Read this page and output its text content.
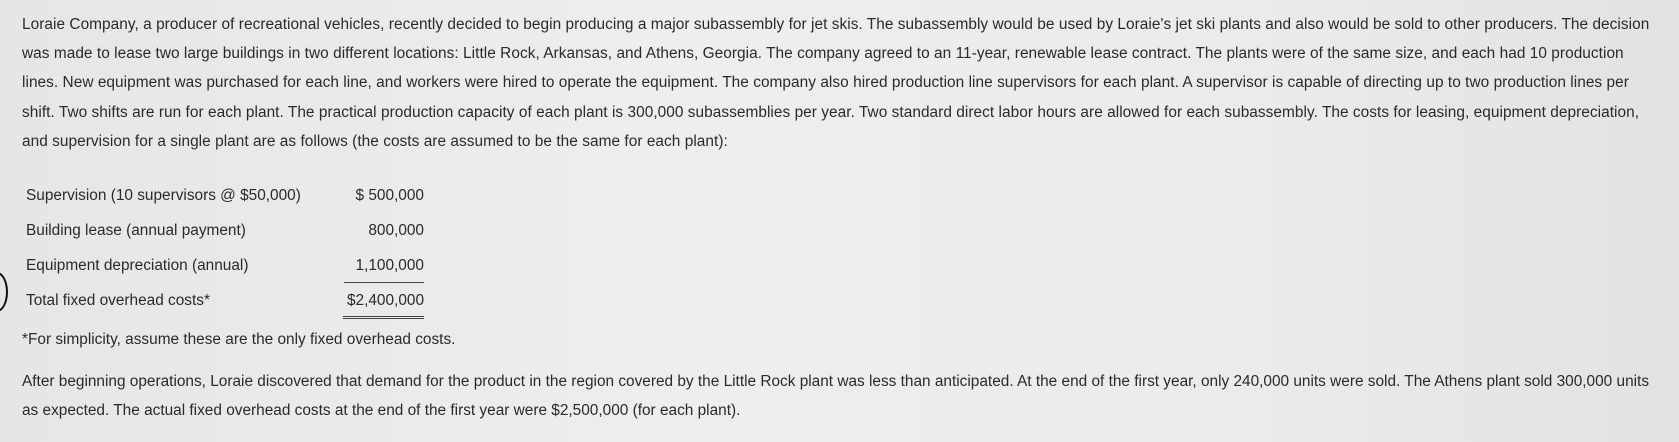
Loraie Company, a producer of recreational vehicles, recently decided to begin producing a major subassembly for jet skis. The subassembly would be used by Loraie's jet ski plants and also would be sold to other producers. The decision was made to lease two large buildings in two different locations: Little Rock, Arkansas, and Athens, Georgia. The company agreed to an 11-year, renewable lease contract. The plants were of the same size, and each had 10 production lines. New equipment was purchased for each line, and workers were hired to operate the equipment. The company also hired production line supervisors for each plant. A supervisor is capable of directing up to two production lines per shift. Two shifts are run for each plant. The practical production capacity of each plant is 300,000 subassemblies per year. Two standard direct labor hours are allowed for each subassembly. The costs for leasing, equipment depreciation, and supervision for a single plant are as follows (the costs are assumed to be the same for each plant):

Supervision (10 supervisors @ $50,000)	$ 500,000
Building lease (annual payment)	800,000
Equipment depreciation (annual)	1,100,000
Total fixed overhead costs*	$2,400,000

*For simplicity, assume these are the only fixed overhead costs.

After beginning operations, Loraie discovered that demand for the product in the region covered by the Little Rock plant was less than anticipated. At the end of the first year, only 240,000 units were sold. The Athens plant sold 300,000 units as expected. The actual fixed overhead costs at the end of the first year were $2,500,000 (for each plant).
